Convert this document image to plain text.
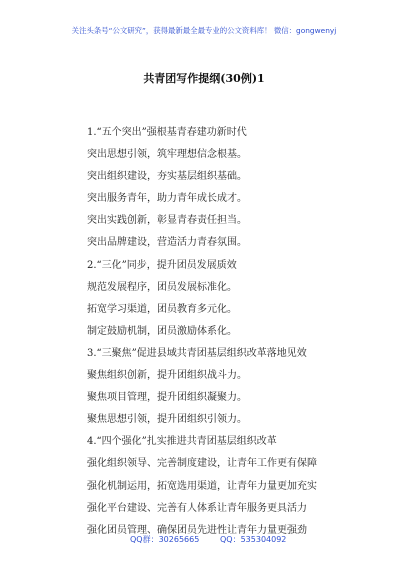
关注头条号“公文研究”，获得最新最全最专业的公文资料库！ 微信：gongwenyj
共青团写作提纲(30例)1
1.“五个突出”强根基青春建功新时代
突出思想引领，筑牢理想信念根基。
突出组织建设，夯实基层组织基础。
突出服务青年，助力青年成长成才。
突出实践创新，彰显青春责任担当。
突出品牌建设，营造活力青春氛围。
2.“三化”同步，提升团员发展质效
规范发展程序，团员发展标准化。
拓宽学习渠道，团员教育多元化。
制定鼓励机制，团员激励体系化。
3.“三聚焦”促进县域共青团基层组织改革落地见效
聚焦组织创新，提升团组织战斗力。
聚焦项目管理，提升团组织凝聚力。
聚焦思想引领，提升团组织引领力。
4.“四个强化”扎实推进共青团基层组织改革
强化组织领导、完善制度建设，让青年工作更有保障
强化机制运用，拓宽选用渠道，让青年力量更加充实
强化平台建设、完善有人体系让青年服务更具活力
强化团员管理、确保团员先进性让青年力量更强劲
QQ群：30265665	QQ：535304092
